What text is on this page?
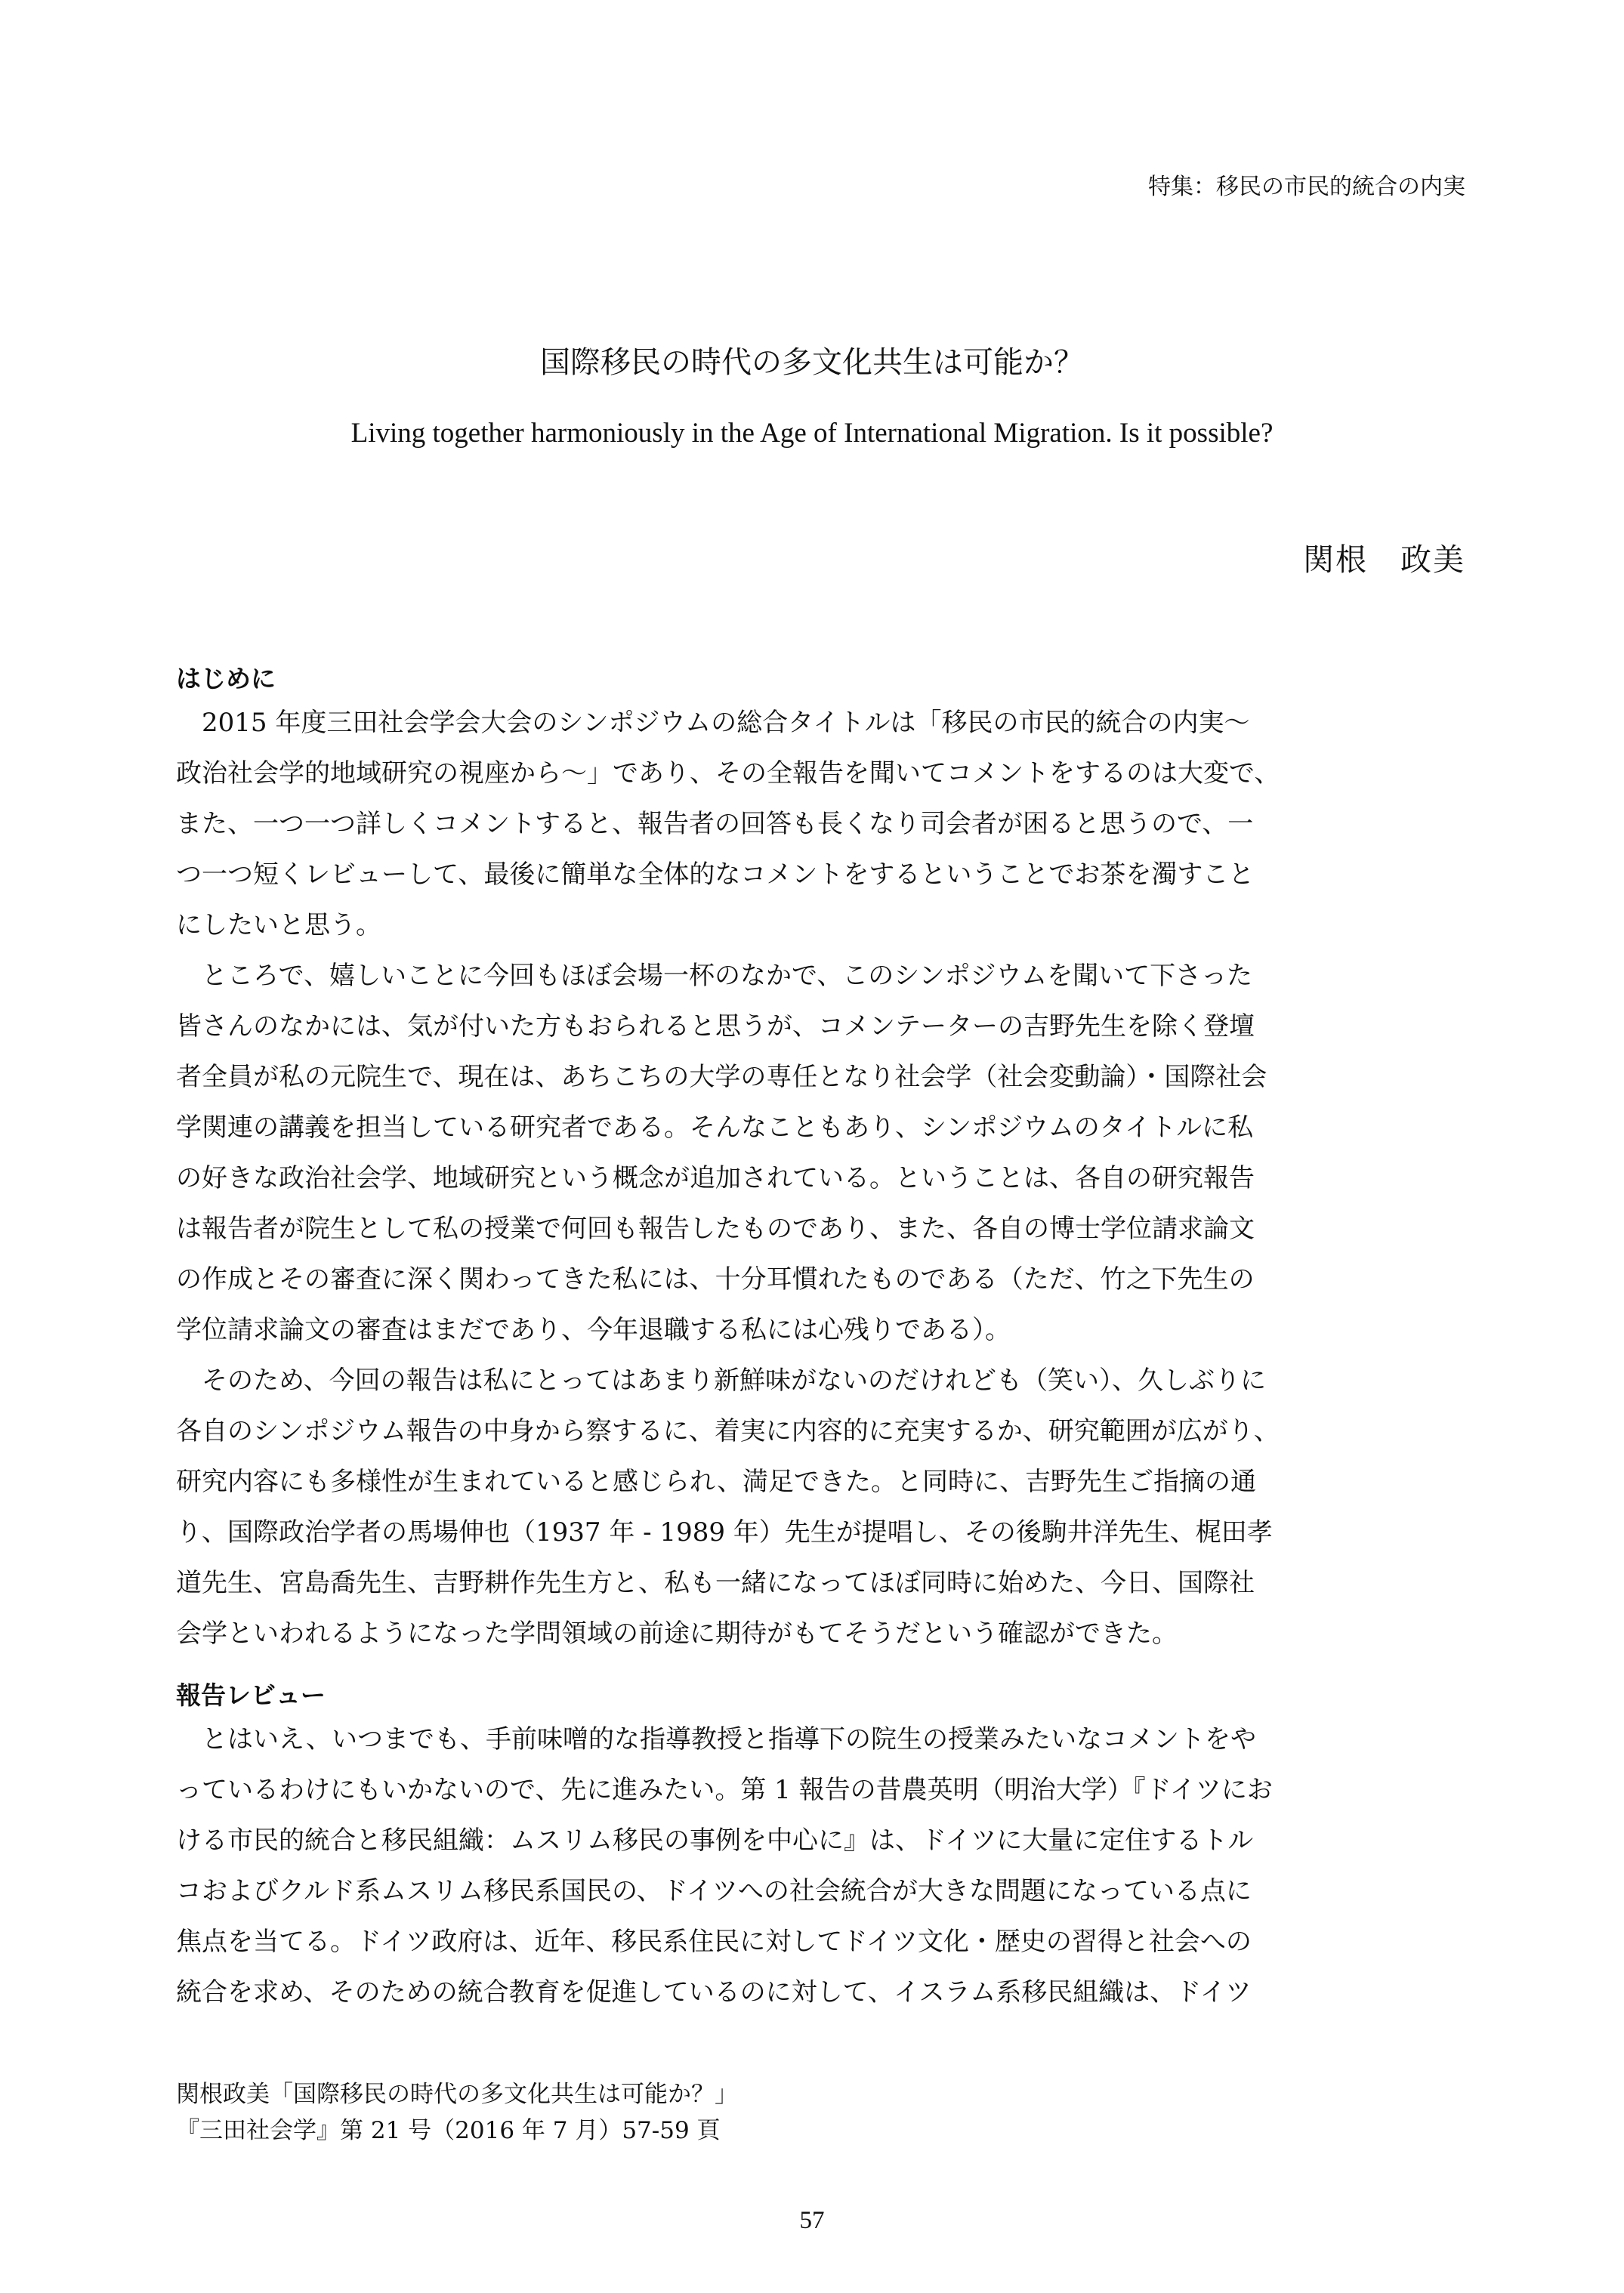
特集：移民の市民的統合の内実
国際移民の時代の多文化共生は可能か？
Living together harmoniously in the Age of International Migration. Is it possible?
関根　政美
はじめに
　2015 年度三田社会学会大会のシンポジウムの総合タイトルは「移民の市民的統合の内実～
政治社会学的地域研究の視座から～」であり、その全報告を聞いてコメントをするのは大変で、
また、一つ一つ詳しくコメントすると、報告者の回答も長くなり司会者が困ると思うので、一
つ一つ短くレビューして、最後に簡単な全体的なコメントをするということでお茶を濁すこと
にしたいと思う。
　ところで、嬉しいことに今回もほぼ会場一杯のなかで、このシンポジウムを聞いて下さった
皆さんのなかには、気が付いた方もおられると思うが、コメンテーターの吉野先生を除く登壇
者全員が私の元院生で、現在は、あちこちの大学の専任となり社会学（社会変動論）・国際社会
学関連の講義を担当している研究者である。そんなこともあり、シンポジウムのタイトルに私
の好きな政治社会学、地域研究という概念が追加されている。ということは、各自の研究報告
は報告者が院生として私の授業で何回も報告したものであり、また、各自の博士学位請求論文
の作成とその審査に深く関わってきた私には、十分耳慣れたものである（ただ、竹之下先生の
学位請求論文の審査はまだであり、今年退職する私には心残りである）。
　そのため、今回の報告は私にとってはあまり新鮮味がないのだけれども（笑い）、久しぶりに
各自のシンポジウム報告の中身から察するに、着実に内容的に充実するか、研究範囲が広がり、
研究内容にも多様性が生まれていると感じられ、満足できた。と同時に、吉野先生ご指摘の通
り、国際政治学者の馬場伸也（1937 年 - 1989 年）先生が提唱し、その後駒井洋先生、梶田孝
道先生、宮島喬先生、吉野耕作先生方と、私も一緒になってほぼ同時に始めた、今日、国際社
会学といわれるようになった学問領域の前途に期待がもてそうだという確認ができた。
報告レビュー
　とはいえ、いつまでも、手前味噌的な指導教授と指導下の院生の授業みたいなコメントをや
っているわけにもいかないので、先に進みたい。第 1 報告の昔農英明（明治大学）『ドイツにお
ける市民的統合と移民組織：ムスリム移民の事例を中心に』は、ドイツに大量に定住するトル
コおよびクルド系ムスリム移民系国民の、ドイツへの社会統合が大きな問題になっている点に
焦点を当てる。ドイツ政府は、近年、移民系住民に対してドイツ文化・歴史の習得と社会への
統合を求め、そのための統合教育を促進しているのに対して、イスラム系移民組織は、ドイツ
関根政美「国際移民の時代の多文化共生は可能か？」
『三田社会学』第 21 号（2016 年 7 月）57-59 頁
57
